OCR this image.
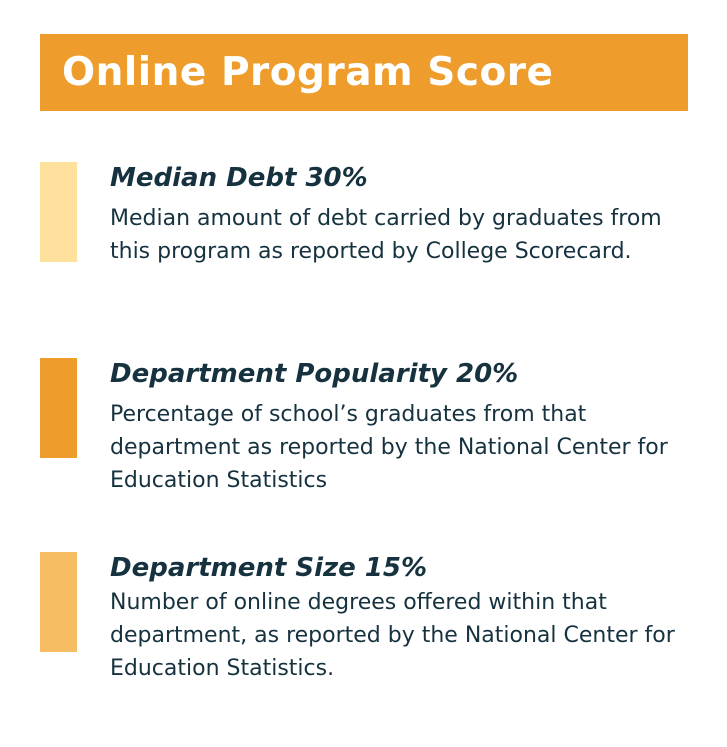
Online Program Score
Median Debt 30%
Median amount of debt carried by graduates from this program as reported by College Scorecard.
Department Popularity 20%
Percentage of school’s graduates from that department as reported by the National Center for Education Statistics
Department Size 15%
Number of online degrees offered within that department, as reported by the National Center for Education Statistics.
